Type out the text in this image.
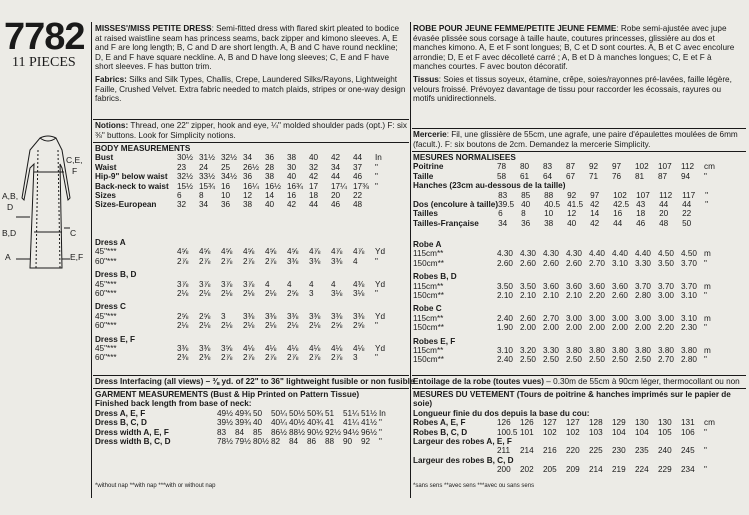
7782
11 PIECES
C,E,
F
A,B,
D
B,D	C
A	E,F
MISSES'/MISS PETITE DRESS: Semi-fitted dress with flared skirt pleated to bodice at raised waistline seam has princess seams, back zipper and kimono sleeves. A, E and F are long length; B, C and D are short length. A, B and C have round neckline; D, E and F have square neckline. A, B and D have long sleeves; C, E and F have short sleeves. F has button trim.
Fabrics: Silks and Silk Types, Challis, Crepe, Laundered Silks/Rayons, Lightweight Faille, Crushed Velvet. Extra fabric needed to match plaids, stripes or one-way design fabrics.
Notions: Thread, one 22" zipper, hook and eye, ¼" molded shoulder pads (opt.) F: six ⅜" buttons. Look for Simplicity notions.
BODY MEASUREMENTS
Bust	30½	31½	32½	34	36	38	40	42	44	In
Waist	23	24	25	26½	28	30	32	34	37	"
Hip-9" below waist	32½	33½	34½	36	38	40	42	44	46	"
Back-neck to waist	15½	15¾	16	16¼	16½	16¾	17	17¼	17⅜	"
Sizes	6	8	10	12	14	16	18	20	22	
Sizes-European	32	34	36	38	40	42	44	46	48	
Dress A
45"***	4⅝	4⅝	4⅝	4⅝	4⅝	4⅝	4⅞	4⅞	4⅞	Yd
60"***	2⅞	2⅞	2⅞	2⅞	2⅞	3⅜	3⅜	3⅜	4	"
Dress B, D
45"***	3⅞	3⅞	3⅞	3⅞	4	4	4	4	4⅜	Yd
60"***	2⅛	2⅛	2⅛	2⅛	2⅛	2⅝	3	3⅛	3⅛	"
Dress C
45"***	2⅝	2⅝	3	3⅜	3⅜	3⅜	3⅜	3⅜	3⅜	Yd
60"***	2⅛	2⅛	2⅛	2⅛	2⅛	2⅛	2⅛	2⅝	2⅝	"
Dress E, F
45"***	3⅜	3⅜	3⅝	4⅛	4⅛	4⅛	4⅛	4⅛	4⅛	Yd
60"***	2⅜	2⅜	2⅞	2⅞	2⅞	2⅞	2⅞	2⅞	3	"
Dress Interfacing (all views) – ⅜ yd. of 22" to 36" lightweight fusible or non fusible
GARMENT MEASUREMENTS (Bust & Hip Printed on Pattern Tissue)
Finished back length from base of neck:
Dress A, E, F	49½	49¾	50	50¼	50½	50¾	51	51¼	51½	In
Dress B, C, D	39½	39¾	40	40¼	40½	40¾	41	41¼	41½	"
Dress width A, E, F	83	84	85	86½	88½	90½	92½	94½	96½	"
Dress width B, C, D	78½	79½	80½	82	84	86	88	90	92	"
*without nap **with nap ***with or without nap
ROBE POUR JEUNE FEMME/PETITE JEUNE FEMME: Robe semi-ajustée avec jupe évasée plissée sous corsage à taille haute, coutures princesses, glissière au dos et manches kimono. A, E et F sont longues; B, C et D sont courtes. A, B et C avec encolure arrondie; D, E et F avec décolleté carré ; A, B et D à manches longues; C, E et F à manches courtes. F avec bouton décoratif.
Tissus: Soies et tissus soyeux, étamine, crêpe, soies/rayonnes pré-lavées, faille légère, velours froissé. Prévoyez davantage de tissu pour raccorder les écossais, rayures ou motifs unidirectionnels.
Mercerie: Fil, une glissière de 55cm, une agrafe, une paire d'épaulettes moulées de 6mm (facult.). F: six boutons de 2cm. Demandez la mercerie Simplicity.
MESURES NORMALISEES
Poitrine	78	80	83	87	92	97	102	107	112	cm
Taille	58	61	64	67	71	76	81	87	94	"
Hanches (23cm au-dessous de la taille)
	83	85	88	92	97	102	107	112	117	"
Dos (encolure à taille)	39.5	40	40.5	41.5	42	42.5	43	44	44	"
Tailles	6	8	10	12	14	16	18	20	22	
Tailles-Française	34	36	38	40	42	44	46	48	50	
Robe A
115cm**	4.30	4.30	4.30	4.30	4.40	4.40	4.40	4.50	4.50	m
150cm**	2.60	2.60	2.60	2.60	2.70	3.10	3.30	3.50	3.70	"
Robes B, D
115cm**	3.50	3.50	3.60	3.60	3.60	3.60	3.70	3.70	3.70	m
150cm**	2.10	2.10	2.10	2.10	2.20	2.60	2.80	3.00	3.10	"
Robe C
115cm**	2.40	2.60	2.70	3.00	3.00	3.00	3.00	3.00	3.10	m
150cm**	1.90	2.00	2.00	2.00	2.00	2.00	2.00	2.20	2.30	"
Robes E, F
115cm**	3.10	3.20	3.30	3.80	3.80	3.80	3.80	3.80	3.80	m
150cm**	2.40	2.50	2.50	2.50	2.50	2.50	2.50	2.70	2.80	"
Entoilage de la robe (toutes vues) – 0.30m de 55cm à 90cm léger, thermocollant ou non
MESURES DU VETEMENT (Tours de poitrine & hanches imprimés sur le papier de soie)
Longueur finie du dos depuis la base du cou:
Robes A, E, F	126	126	127	127	128	129	130	130	131	cm
Robes B, C, D	100.5	101	102	102	103	104	104	105	106	"
Largeur des robes A, E, F
	211	214	216	220	225	230	235	240	245	"
Largeur des robes B, C, D
	200	202	205	209	214	219	224	229	234	"
*sans sens **avec sens ***avec ou sans sens
